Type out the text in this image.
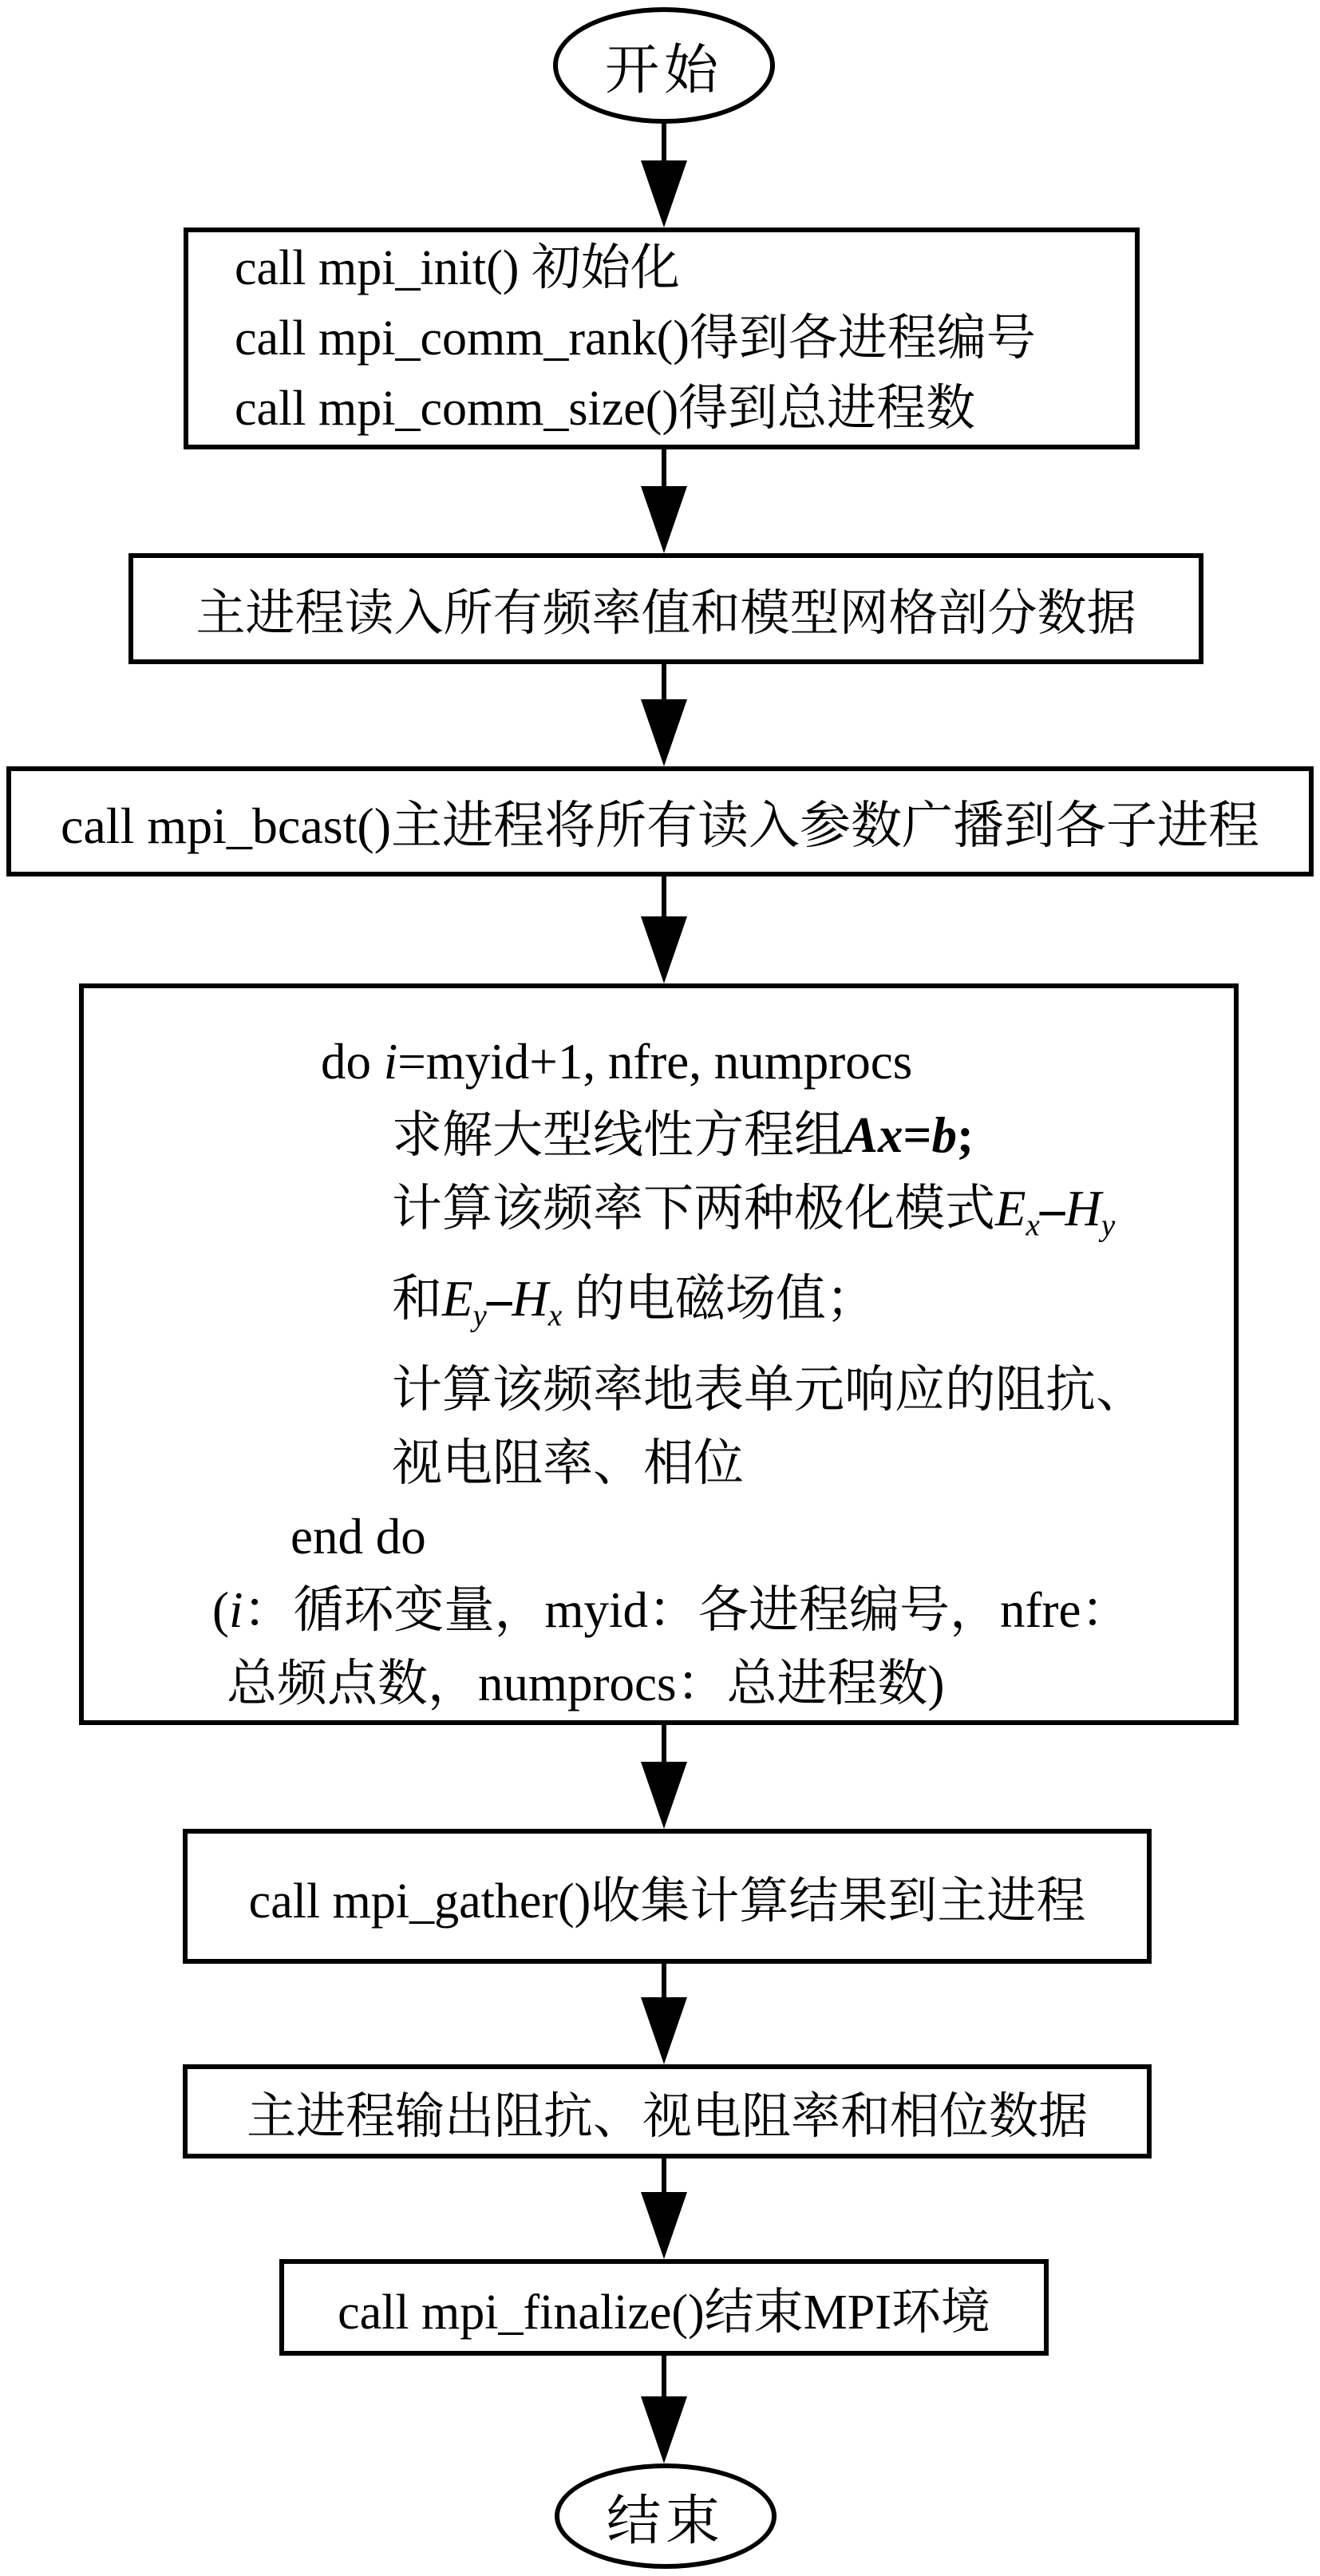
开始
call mpi_init() 初始化
call mpi_comm_rank()得到各进程编号
call mpi_comm_size()得到总进程数
主进程读入所有频率值和模型网格剖分数据
call mpi_bcast()主进程将所有读入参数广播到各子进程
do i=myid+1, nfre, numprocs
求解大型线性方程组Ax=b;
计算该频率下两种极化模式$E_x-H_y$
和$E_y-H_x$ 的电磁场值；
计算该频率地表单元响应的阻抗、
视电阻率、相位
end do
(i：循环变量，myid：各进程编号，nfre：
总频点数，numprocs：总进程数)
call mpi_gather()收集计算结果到主进程
主进程输出阻抗、视电阻率和相位数据
call mpi_finalize()结束MPI环境
结束
